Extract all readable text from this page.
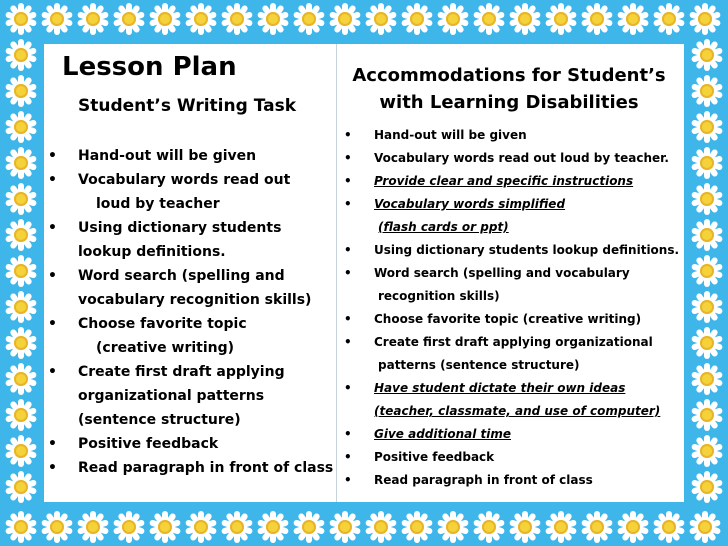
Lesson Plan
Student’s Writing Task
Accommodations for Student’s with Learning Disabilities
• Hand-out will be given
• Vocabulary words read out
loud by teacher
• Using dictionary students lookup definitions.
• Word search (spelling and vocabulary recognition skills)
• Choose favorite topic
(creative writing)
• Create first draft applying organizational patterns (sentence structure)
• Positive feedback
• Read paragraph in front of class
• Hand-out will be given
• Vocabulary words read out loud by teacher.
• Provide clear and specific instructions
• Vocabulary words simplified
(flash cards or ppt)
• Using dictionary students lookup definitions.
• Word search (spelling and vocabulary
recognition skills)
• Choose favorite topic (creative writing)
• Create first draft applying organizational
patterns (sentence structure)
• Have student dictate their own ideas
(teacher, classmate, and use of computer)
• Give additional time
• Positive feedback
• Read paragraph in front of class
